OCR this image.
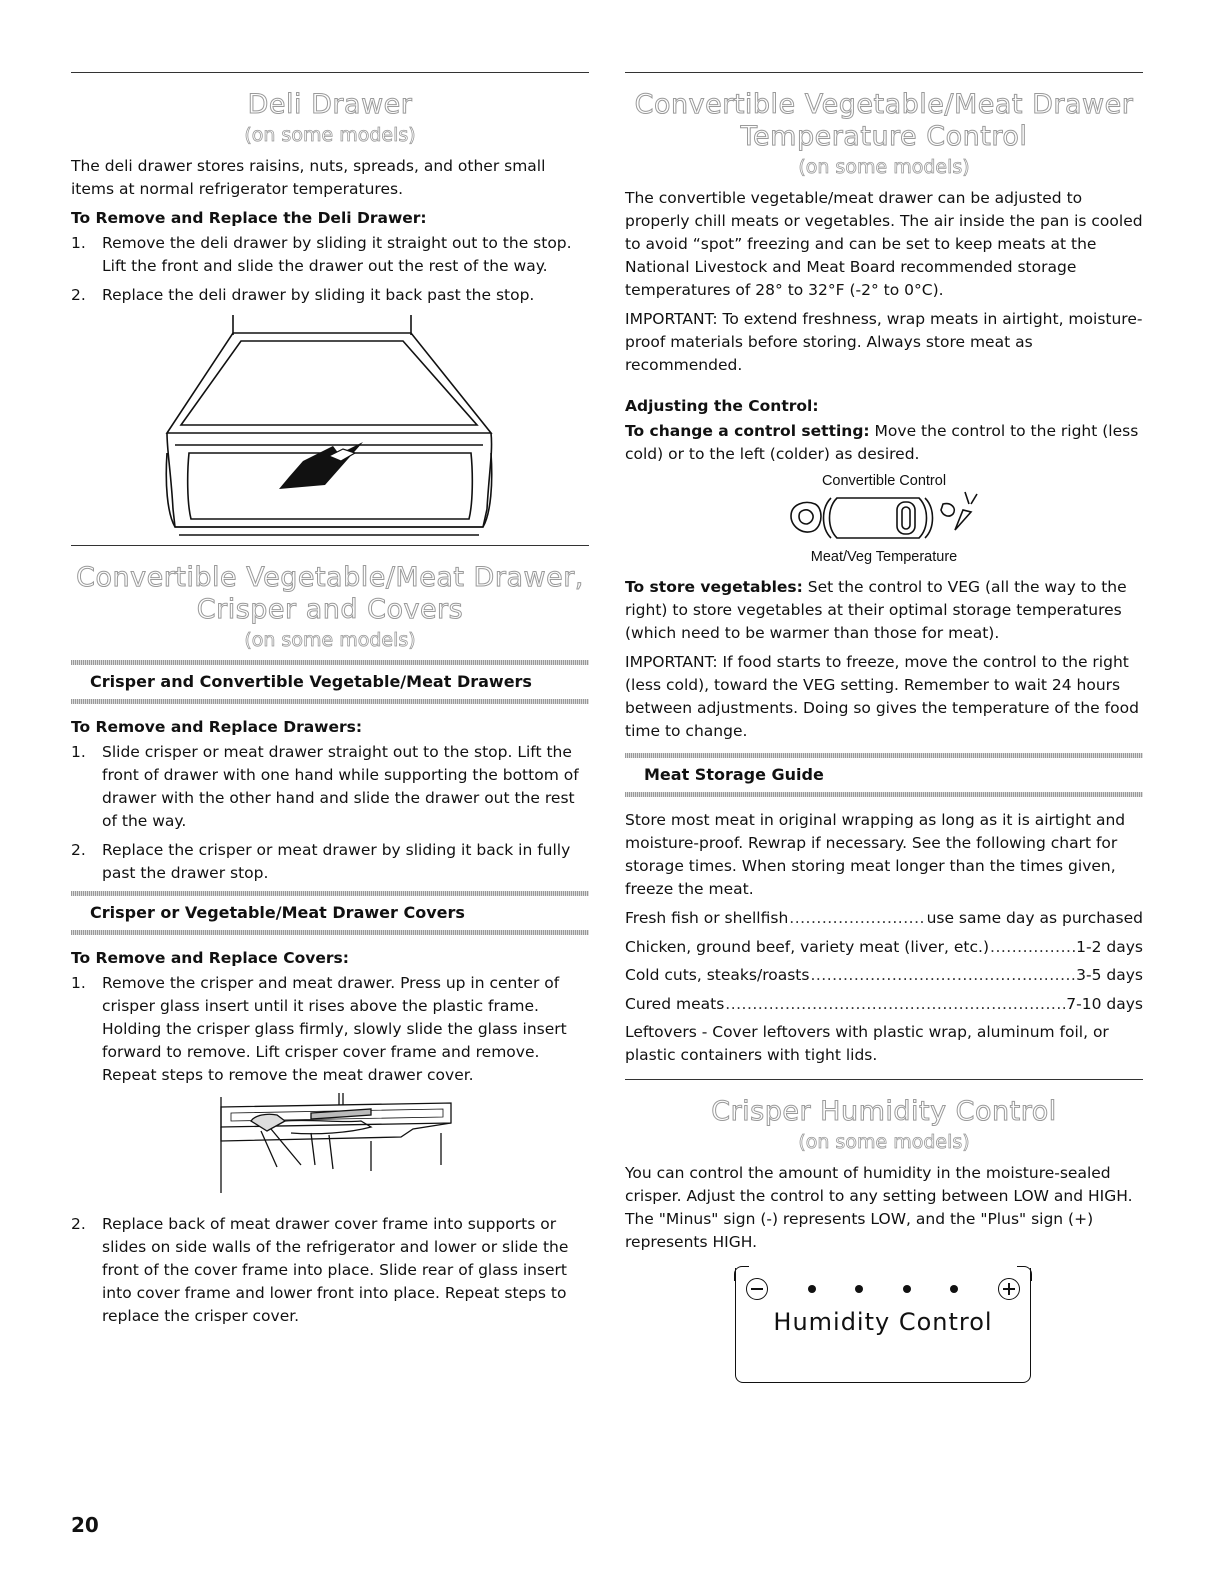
Deli Drawer
(on some models)

The deli drawer stores raisins, nuts, spreads, and other small items at normal refrigerator temperatures.

To Remove and Replace the Deli Drawer:
1. Remove the deli drawer by sliding it straight out to the stop. Lift the front and slide the drawer out the rest of the way.
2. Replace the deli drawer by sliding it back past the stop.
Convertible Vegetable/Meat Drawer,
Crisper and Covers
(on some models)
Crisper and Convertible Vegetable/Meat Drawers
To Remove and Replace Drawers:
1. Slide crisper or meat drawer straight out to the stop. Lift the front of drawer with one hand while supporting the bottom of drawer with the other hand and slide the drawer out the rest of the way.
2. Replace the crisper or meat drawer by sliding it back in fully past the drawer stop.
Crisper or Vegetable/Meat Drawer Covers
To Remove and Replace Covers:
1. Remove the crisper and meat drawer. Press up in center of crisper glass insert until it rises above the plastic frame. Holding the crisper glass firmly, slowly slide the glass insert forward to remove. Lift crisper cover frame and remove. Repeat steps to remove the meat drawer cover.
2. Replace back of meat drawer cover frame into supports or slides on side walls of the refrigerator and lower or slide the front of the cover frame into place. Slide rear of glass insert into cover frame and lower front into place. Repeat steps to replace the crisper cover.
Convertible Vegetable/Meat Drawer
Temperature Control
(on some models)

The convertible vegetable/meat drawer can be adjusted to properly chill meats or vegetables. The air inside the pan is cooled to avoid “spot” freezing and can be set to keep meats at the National Livestock and Meat Board recommended storage temperatures of 28° to 32°F (-2° to 0°C).

IMPORTANT: To extend freshness, wrap meats in airtight, moisture-proof materials before storing. Always store meat as recommended.

Adjusting the Control:

To change a control setting: Move the control to the right (less cold) or to the left (colder) as desired.

Convertible Control
Meat/Veg Temperature

To store vegetables: Set the control to VEG (all the way to the right) to store vegetables at their optimal storage temperatures (which need to be warmer than those for meat).

IMPORTANT: If food starts to freeze, move the control to the right (less cold), toward the VEG setting. Remember to wait 24 hours between adjustments. Doing so gives the temperature of the food time to change.

Meat Storage Guide

Store most meat in original wrapping as long as it is airtight and moisture-proof. Rewrap if necessary. See the following chart for storage times. When storing meat longer than the times given, freeze the meat.

Fresh fish or shellfish .....	use same day as purchased
Chicken, ground beef, variety meat (liver, etc.) .....	1-2 days
Cold cuts, steaks/roasts .....	3-5 days
Cured meats .....	7-10 days

Leftovers - Cover leftovers with plastic wrap, aluminum foil, or plastic containers with tight lids.

Crisper Humidity Control
(on some models)

You can control the amount of humidity in the moisture-sealed crisper. Adjust the control to any setting between LOW and HIGH. The "Minus" sign (-) represents LOW, and the "Plus" sign (+) represents HIGH.

Humidity Control
20
